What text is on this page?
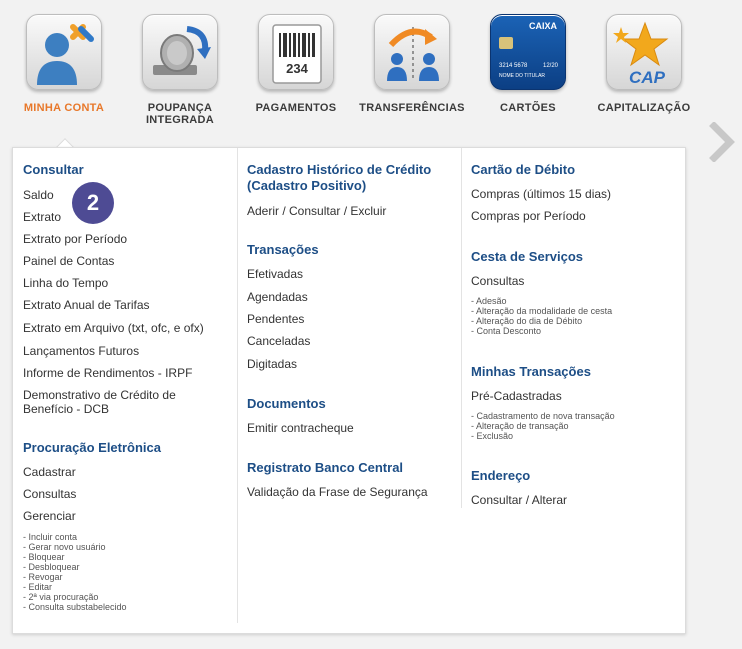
MINHA CONTA	POUPANÇA INTEGRADA
234
PAGAMENTOS	TRANSFERÊNCIAS
CAIXA
3214 5678	12/20
NOME DO TITULAR
CARTÕES
CAP
CAPITALIZAÇÃO
Consultar
Saldo
Extrato
Extrato por Período
Painel de Contas
Linha do Tempo
Extrato Anual de Tarifas
Extrato em Arquivo (txt, ofc, e ofx)
Lançamentos Futuros
Informe de Rendimentos - IRPF
Demonstrativo de Crédito de Benefício - DCB
Procuração Eletrônica
Cadastrar
Consultas
Gerenciar
- Incluir conta
- Gerar novo usuário
- Bloquear
- Desbloquear
- Revogar
- Editar
- 2ª via procuração
- Consulta substabelecido
Cadastro Histórico de Crédito
(Cadastro Positivo)
Aderir / Consultar / Excluir
Transações
Efetivadas
Agendadas
Pendentes
Canceladas
Digitadas
Documentos
Emitir contracheque
Registrato Banco Central
Validação da Frase de Segurança
Cartão de Débito
Compras (últimos 15 dias)
Compras por Período
Cesta de Serviços
Consultas
- Adesão
- Alteração da modalidade de cesta
- Alteração do dia de Débito
- Conta Desconto
Minhas Transações
Pré-Cadastradas
- Cadastramento de nova transação
- Alteração de transação
- Exclusão
Endereço
Consultar / Alterar
2
